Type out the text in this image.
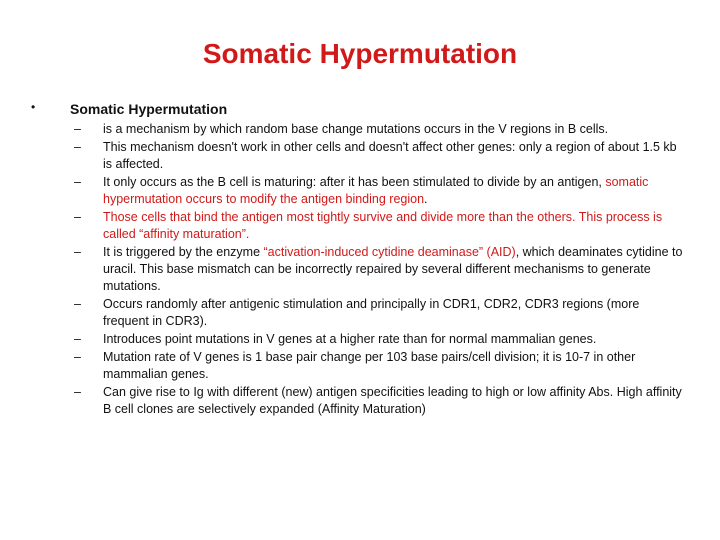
Somatic Hypermutation
• Somatic Hypermutation
– is a mechanism by which random base change mutations occurs in the V regions in B cells.
– This mechanism doesn't work in other cells and doesn't affect other genes: only a region of about 1.5 kb is affected.
– It only occurs as the B cell is maturing: after it has been stimulated to divide by an antigen, somatic hypermutation occurs to modify the antigen binding region.
– Those cells that bind the antigen most tightly survive and divide more than the others. This process is called “affinity maturation”.
– It is triggered by the enzyme “activation-induced cytidine deaminase” (AID), which deaminates cytidine to uracil. This base mismatch can be incorrectly repaired by several different mechanisms to generate mutations.
– Occurs randomly after antigenic stimulation and principally in CDR1, CDR2, CDR3 regions (more frequent in CDR3).
– Introduces point mutations in V genes at a higher rate than for normal mammalian genes.
– Mutation rate of V genes is 1 base pair change per 103 base pairs/cell division; it is 10-7 in other mammalian genes.
– Can give rise to Ig with different (new) antigen specificities leading to high or low affinity Abs. High affinity B cell clones are selectively expanded (Affinity Maturation)
